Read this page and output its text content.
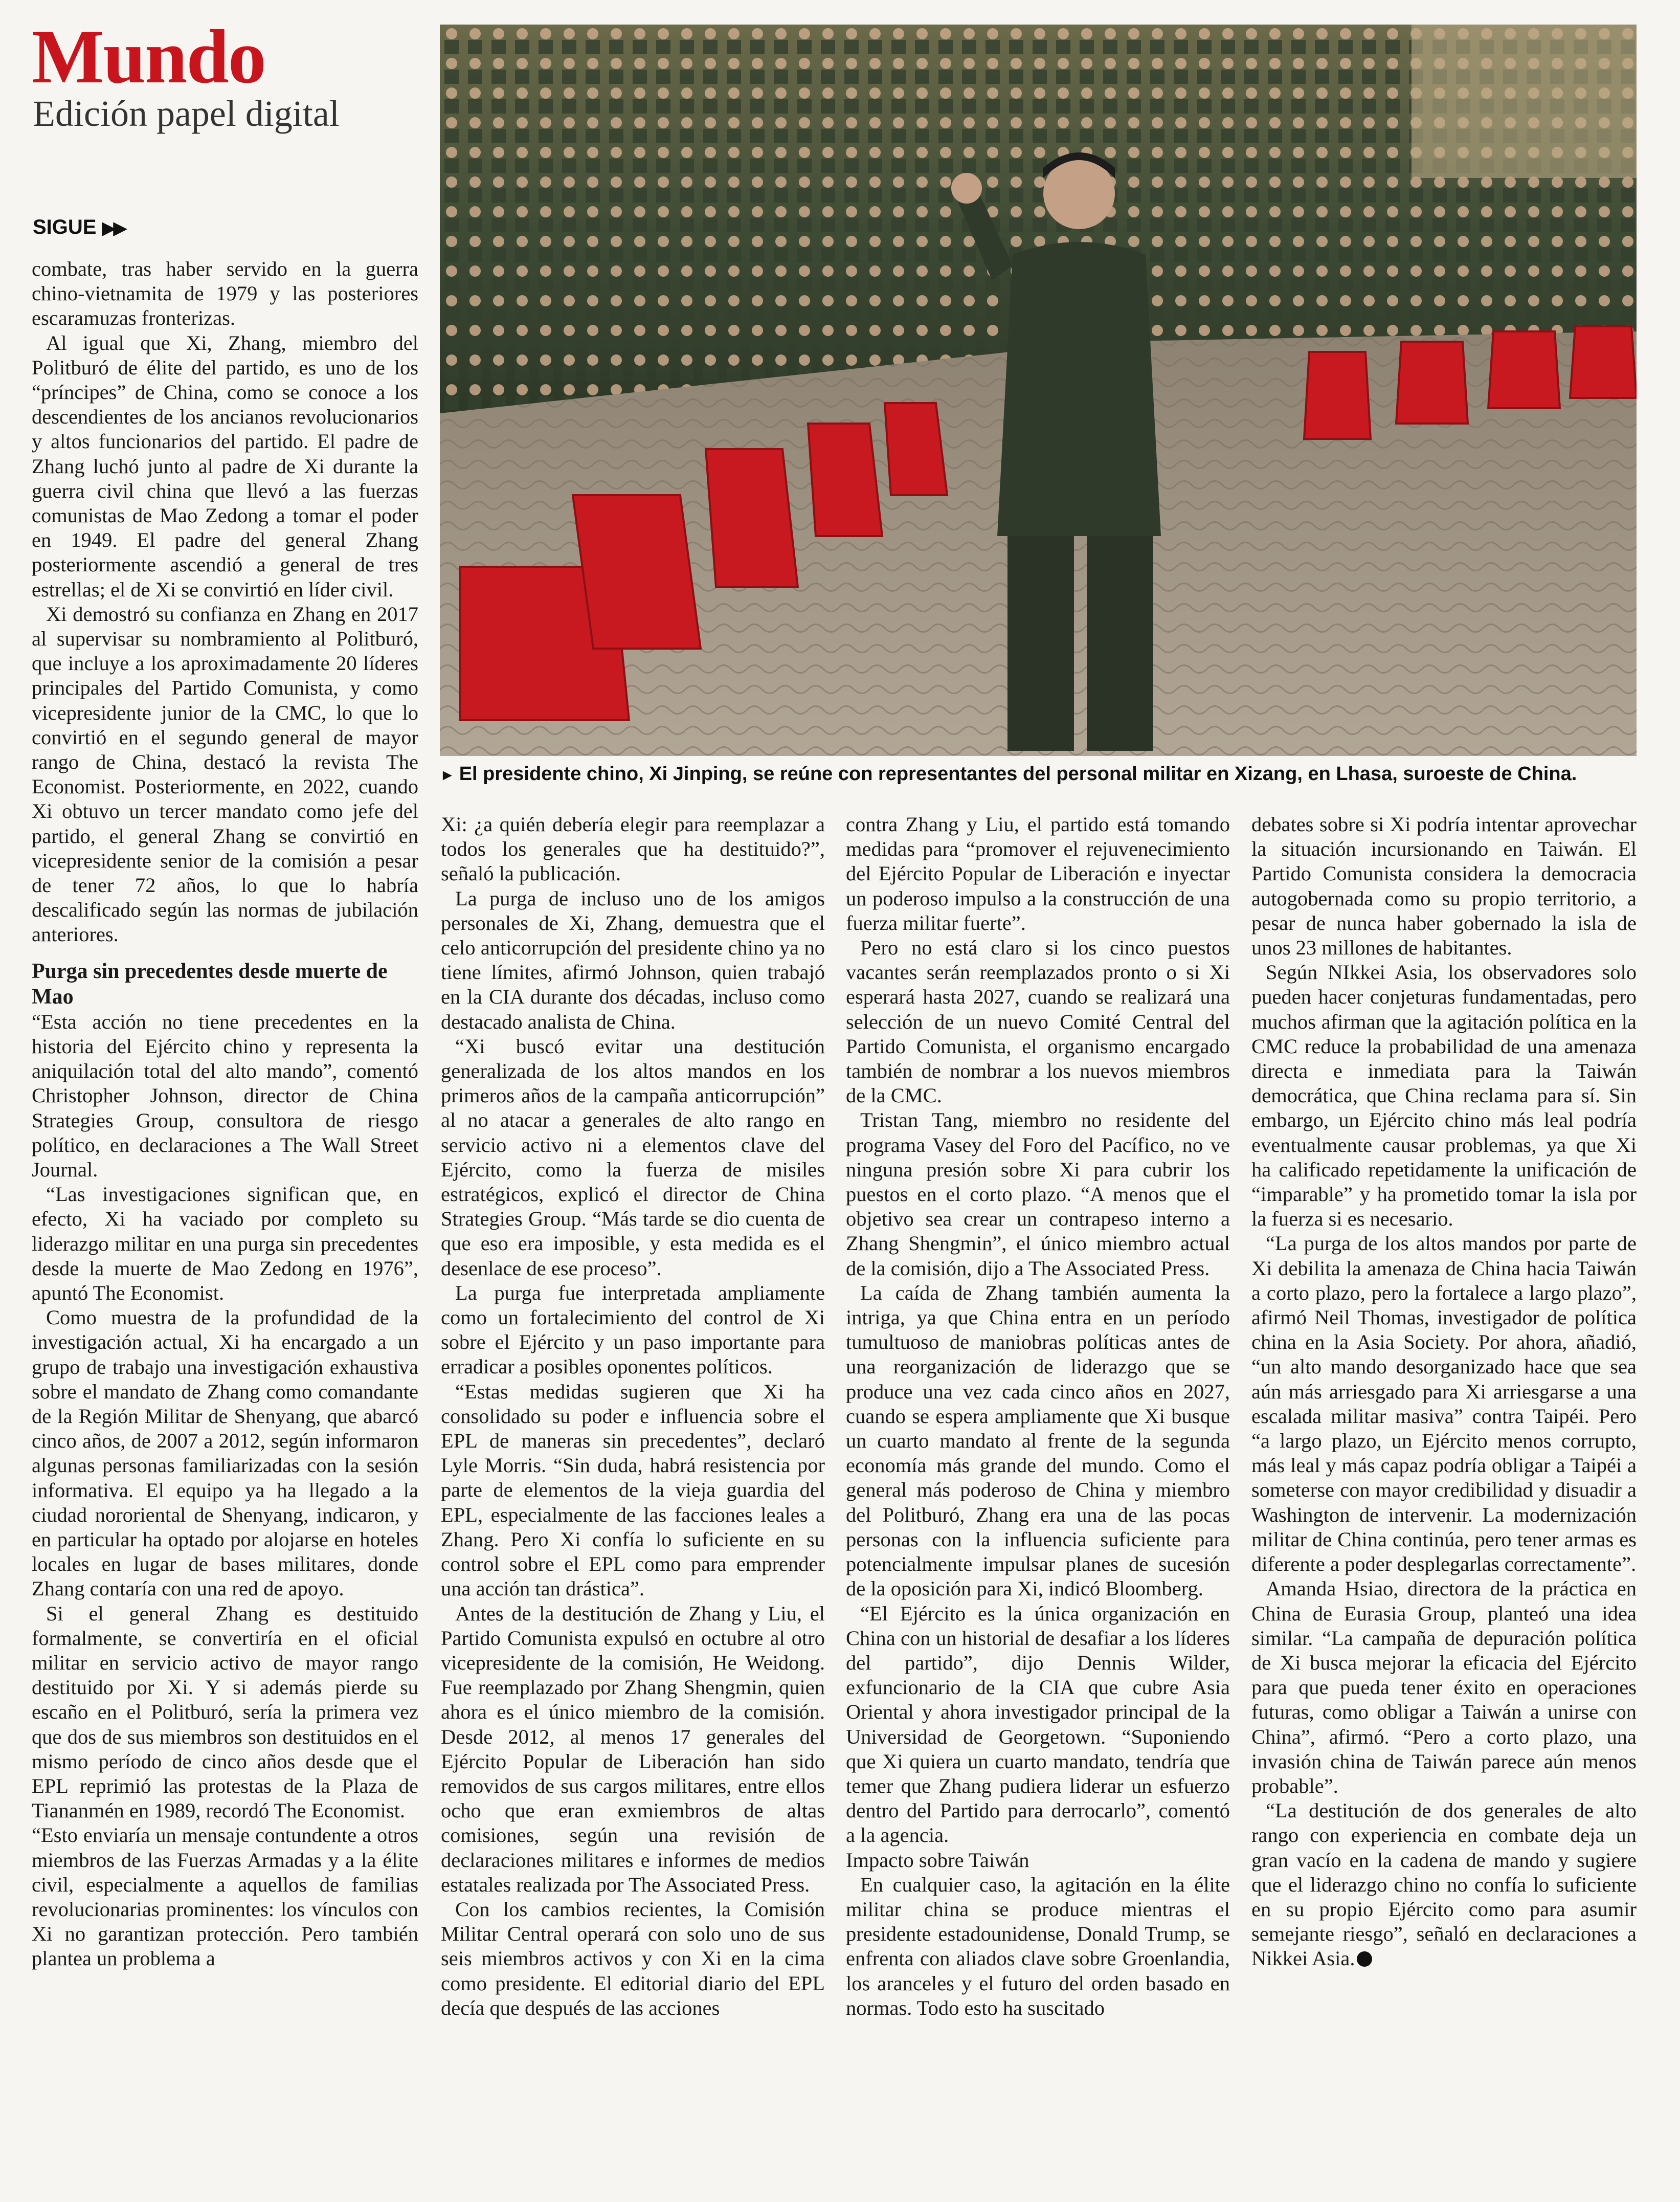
Mundo
Edición papel digital
SIGUE ▶▶
► El presidente chino, Xi Jinping, se reúne con representantes del personal militar en Xizang, en Lhasa, suroeste de China.

combate, tras haber servido en la guerra chino-vietnamita de 1979 y las posteriores escaramuzas fronterizas.

Al igual que Xi, Zhang, miembro del Politburó de élite del partido, es uno de los “príncipes” de China, como se conoce a los descendientes de los ancianos revolucionarios y altos funcionarios del partido. El padre de Zhang luchó junto al padre de Xi durante la guerra civil china que llevó a las fuerzas comunistas de Mao Zedong a tomar el poder en 1949. El padre del general Zhang posteriormente ascendió a general de tres estrellas; el de Xi se convirtió en líder civil.

Xi demostró su confianza en Zhang en 2017 al supervisar su nombramiento al Politburó, que incluye a los aproximadamente 20 líderes principales del Partido Comunista, y como vicepresidente junior de la CMC, lo que lo convirtió en el segundo general de mayor rango de China, destacó la revista The Economist. Posteriormente, en 2022, cuando Xi obtuvo un tercer mandato como jefe del partido, el general Zhang se convirtió en vicepresidente senior de la comisión a pesar de tener 72 años, lo que lo habría descalificado según las normas de jubilación anteriores.

Purga sin precedentes desde muerte de Mao

“Esta acción no tiene precedentes en la historia del Ejército chino y representa la aniquilación total del alto mando”, comentó Christopher Johnson, director de China Strategies Group, consultora de riesgo político, en declaraciones a The Wall Street Journal.

“Las investigaciones significan que, en efecto, Xi ha vaciado por completo su liderazgo militar en una purga sin precedentes desde la muerte de Mao Zedong en 1976”, apuntó The Economist.

Como muestra de la profundidad de la investigación actual, Xi ha encargado a un grupo de trabajo una investigación exhaustiva sobre el mandato de Zhang como comandante de la Región Militar de Shenyang, que abarcó cinco años, de 2007 a 2012, según informaron algunas personas familiarizadas con la sesión informativa. El equipo ya ha llegado a la ciudad nororiental de Shenyang, indicaron, y en particular ha optado por alojarse en hoteles locales en lugar de bases militares, donde Zhang contaría con una red de apoyo.

Si el general Zhang es destituido formalmente, se convertiría en el oficial militar en servicio activo de mayor rango destituido por Xi. Y si además pierde su escaño en el Politburó, sería la primera vez que dos de sus miembros son destituidos en el mismo período de cinco años desde que el EPL reprimió las protestas de la Plaza de Tiananmén en 1989, recordó The Economist.

“Esto enviaría un mensaje contundente a otros miembros de las Fuerzas Armadas y a la élite civil, especialmente a aquellos de familias revolucionarias prominentes: los vínculos con Xi no garantizan protección. Pero también plantea un problema a

Xi: ¿a quién debería elegir para reemplazar a todos los generales que ha destituido?”, señaló la publicación.

La purga de incluso uno de los amigos personales de Xi, Zhang, demuestra que el celo anticorrupción del presidente chino ya no tiene límites, afirmó Johnson, quien trabajó en la CIA durante dos décadas, incluso como destacado analista de China.

“Xi buscó evitar una destitución generalizada de los altos mandos en los primeros años de la campaña anticorrupción” al no atacar a generales de alto rango en servicio activo ni a elementos clave del Ejército, como la fuerza de misiles estratégicos, explicó el director de China Strategies Group. “Más tarde se dio cuenta de que eso era imposible, y esta medida es el desenlace de ese proceso”.

La purga fue interpretada ampliamente como un fortalecimiento del control de Xi sobre el Ejército y un paso importante para erradicar a posibles oponentes políticos.

“Estas medidas sugieren que Xi ha consolidado su poder e influencia sobre el EPL de maneras sin precedentes”, declaró Lyle Morris. “Sin duda, habrá resistencia por parte de elementos de la vieja guardia del EPL, especialmente de las facciones leales a Zhang. Pero Xi confía lo suficiente en su control sobre el EPL como para emprender una acción tan drástica”.

Antes de la destitución de Zhang y Liu, el Partido Comunista expulsó en octubre al otro vicepresidente de la comisión, He Weidong. Fue reemplazado por Zhang Shengmin, quien ahora es el único miembro de la comisión. Desde 2012, al menos 17 generales del Ejército Popular de Liberación han sido removidos de sus cargos militares, entre ellos ocho que eran exmiembros de altas comisiones, según una revisión de declaraciones militares e informes de medios estatales realizada por The Associated Press.

Con los cambios recientes, la Comisión Militar Central operará con solo uno de sus seis miembros activos y con Xi en la cima como presidente. El editorial diario del EPL decía que después de las acciones

contra Zhang y Liu, el partido está tomando medidas para “promover el rejuvenecimiento del Ejército Popular de Liberación e inyectar un poderoso impulso a la construcción de una fuerza militar fuerte”.

Pero no está claro si los cinco puestos vacantes serán reemplazados pronto o si Xi esperará hasta 2027, cuando se realizará una selección de un nuevo Comité Central del Partido Comunista, el organismo encargado también de nombrar a los nuevos miembros de la CMC.

Tristan Tang, miembro no residente del programa Vasey del Foro del Pacífico, no ve ninguna presión sobre Xi para cubrir los puestos en el corto plazo. “A menos que el objetivo sea crear un contrapeso interno a Zhang Shengmin”, el único miembro actual de la comisión, dijo a The Associated Press.

La caída de Zhang también aumenta la intriga, ya que China entra en un período tumultuoso de maniobras políticas antes de una reorganización de liderazgo que se produce una vez cada cinco años en 2027, cuando se espera ampliamente que Xi busque un cuarto mandato al frente de la segunda economía más grande del mundo. Como el general más poderoso de China y miembro del Politburó, Zhang era una de las pocas personas con la influencia suficiente para potencialmente impulsar planes de sucesión de la oposición para Xi, indicó Bloomberg.

“El Ejército es la única organización en China con un historial de desafiar a los líderes del partido”, dijo Dennis Wilder, exfuncionario de la CIA que cubre Asia Oriental y ahora investigador principal de la Universidad de Georgetown. “Suponiendo que Xi quiera un cuarto mandato, tendría que temer que Zhang pudiera liderar un esfuerzo dentro del Partido para derrocarlo”, comentó a la agencia.

Impacto sobre Taiwán

En cualquier caso, la agitación en la élite militar china se produce mientras el presidente estadounidense, Donald Trump, se enfrenta con aliados clave sobre Groenlandia, los aranceles y el futuro del orden basado en normas. Todo esto ha suscitado

debates sobre si Xi podría intentar aprovechar la situación incursionando en Taiwán. El Partido Comunista considera la democracia autogobernada como su propio territorio, a pesar de nunca haber gobernado la isla de unos 23 millones de habitantes.

Según NIkkei Asia, los observadores solo pueden hacer conjeturas fundamentadas, pero muchos afirman que la agitación política en la CMC reduce la probabilidad de una amenaza directa e inmediata para la Taiwán democrática, que China reclama para sí. Sin embargo, un Ejército chino más leal podría eventualmente causar problemas, ya que Xi ha calificado repetidamente la unificación de “imparable” y ha prometido tomar la isla por la fuerza si es necesario.

“La purga de los altos mandos por parte de Xi debilita la amenaza de China hacia Taiwán a corto plazo, pero la fortalece a largo plazo”, afirmó Neil Thomas, investigador de política china en la Asia Society. Por ahora, añadió, “un alto mando desorganizado hace que sea aún más arriesgado para Xi arriesgarse a una escalada militar masiva” contra Taipéi. Pero “a largo plazo, un Ejército menos corrupto, más leal y más capaz podría obligar a Taipéi a someterse con mayor credibilidad y disuadir a Washington de intervenir. La modernización militar de China continúa, pero tener armas es diferente a poder desplegarlas correctamente”.

Amanda Hsiao, directora de la práctica en China de Eurasia Group, planteó una idea similar. “La campaña de depuración política de Xi busca mejorar la eficacia del Ejército para que pueda tener éxito en operaciones futuras, como obligar a Taiwán a unirse con China”, afirmó. “Pero a corto plazo, una invasión china de Taiwán parece aún menos probable”.

“La destitución de dos generales de alto rango con experiencia en combate deja un gran vacío en la cadena de mando y sugiere que el liderazgo chino no confía lo suficiente en su propio Ejército como para asumir semejante riesgo”, señaló en declaraciones a Nikkei Asia.
